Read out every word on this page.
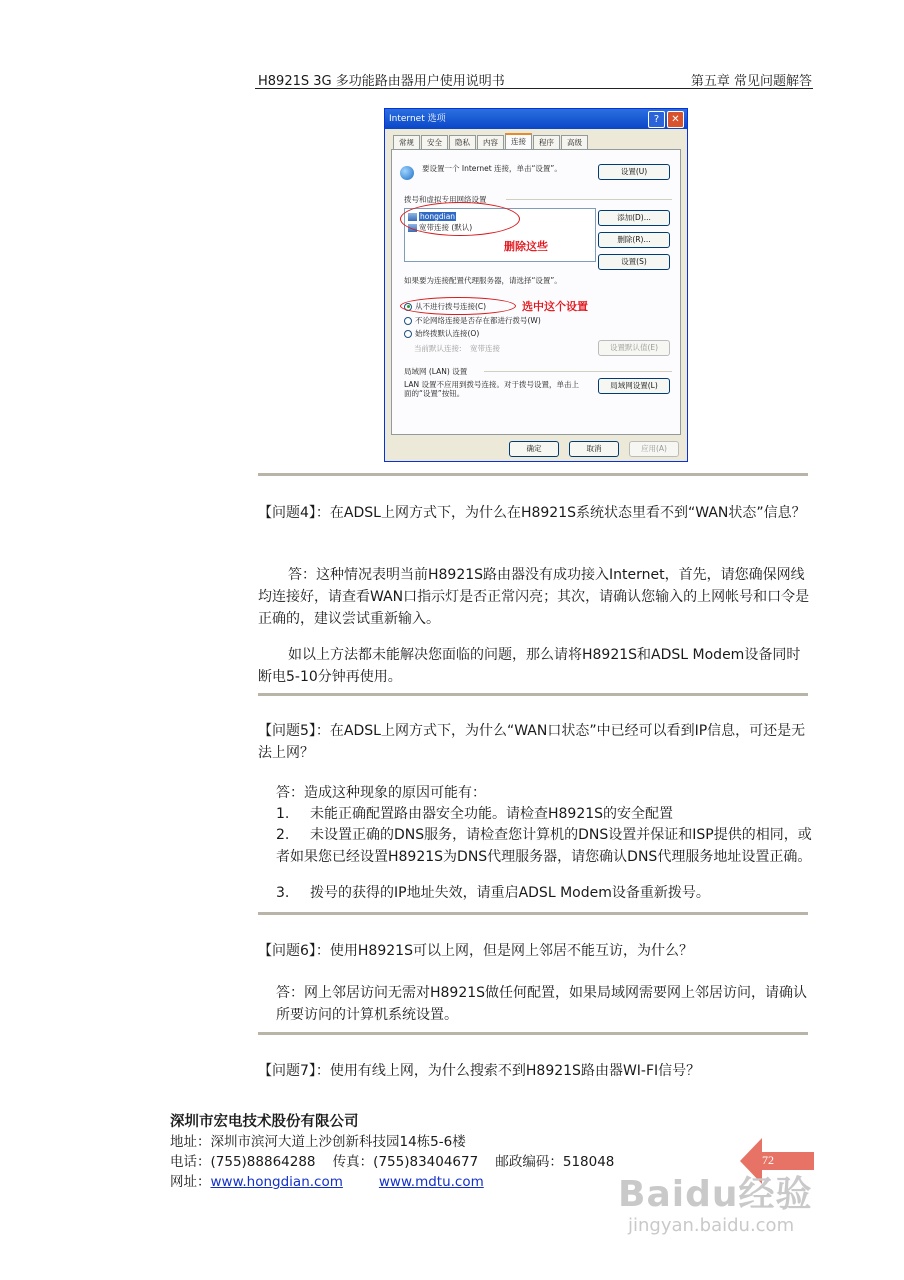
H8921S 3G 多功能路由器用户使用说明书	第五章 常见问题解答
Internet 选项	?	✕
常规	安全	隐私	内容	连接	程序	高级
要设置一个 Internet 连接，单击“设置”。	设置(U)
拨号和虚拟专用网络设置
hongdian
宽带连接 (默认)
删除这些
添加(D)...
删除(R)...
设置(S)
如果要为连接配置代理服务器，请选择“设置”。
从不进行拨号连接(C)	选中这个设置
不论网络连接是否存在都进行拨号(W)
始终拨默认连接(O)
当前默认连接: 宽带连接	设置默认值(E)
局域网 (LAN) 设置
LAN 设置不应用到拨号连接。对于拨号设置，单击上面的“设置”按钮。
局域网设置(L)
确定	取消	应用(A)
【问题4】：在ADSL上网方式下，为什么在H8921S系统状态里看不到“WAN状态”信息？
答：这种情况表明当前H8921S路由器没有成功接入Internet，首先，请您确保网线均连接好，请查看WAN口指示灯是否正常闪亮；其次，请确认您输入的上网帐号和口令是正确的，建议尝试重新输入。
如以上方法都未能解决您面临的问题，那么请将H8921S和ADSL Modem设备同时断电5-10分钟再使用。
【问题5】：在ADSL上网方式下，为什么“WAN口状态”中已经可以看到IP信息，可还是无法上网？
答：造成这种现象的原因可能有：
1. 未能正确配置路由器安全功能。请检查H8921S的安全配置
2. 未设置正确的DNS服务，请检查您计算机的DNS设置并保证和ISP提供的相同，或者如果您已经设置H8921S为DNS代理服务器，请您确认DNS代理服务地址设置正确。
3. 拨号的获得的IP地址失效，请重启ADSL Modem设备重新拨号。
【问题6】：使用H8921S可以上网，但是网上邻居不能互访，为什么？
答：网上邻居访问无需对H8921S做任何配置，如果局域网需要网上邻居访问，请确认所要访问的计算机系统设置。
【问题7】：使用有线上网，为什么搜索不到H8921S路由器WI-FI信号？
深圳市宏电技术股份有限公司
地址：深圳市滨河大道上沙创新科技园14栋5-6楼
电话：(755)88864288    传真：(755)83404677    邮政编码：518048
网址：www.hongdian.com	www.mdtu.com
72
Baidu经验
jingyan.baidu.com
